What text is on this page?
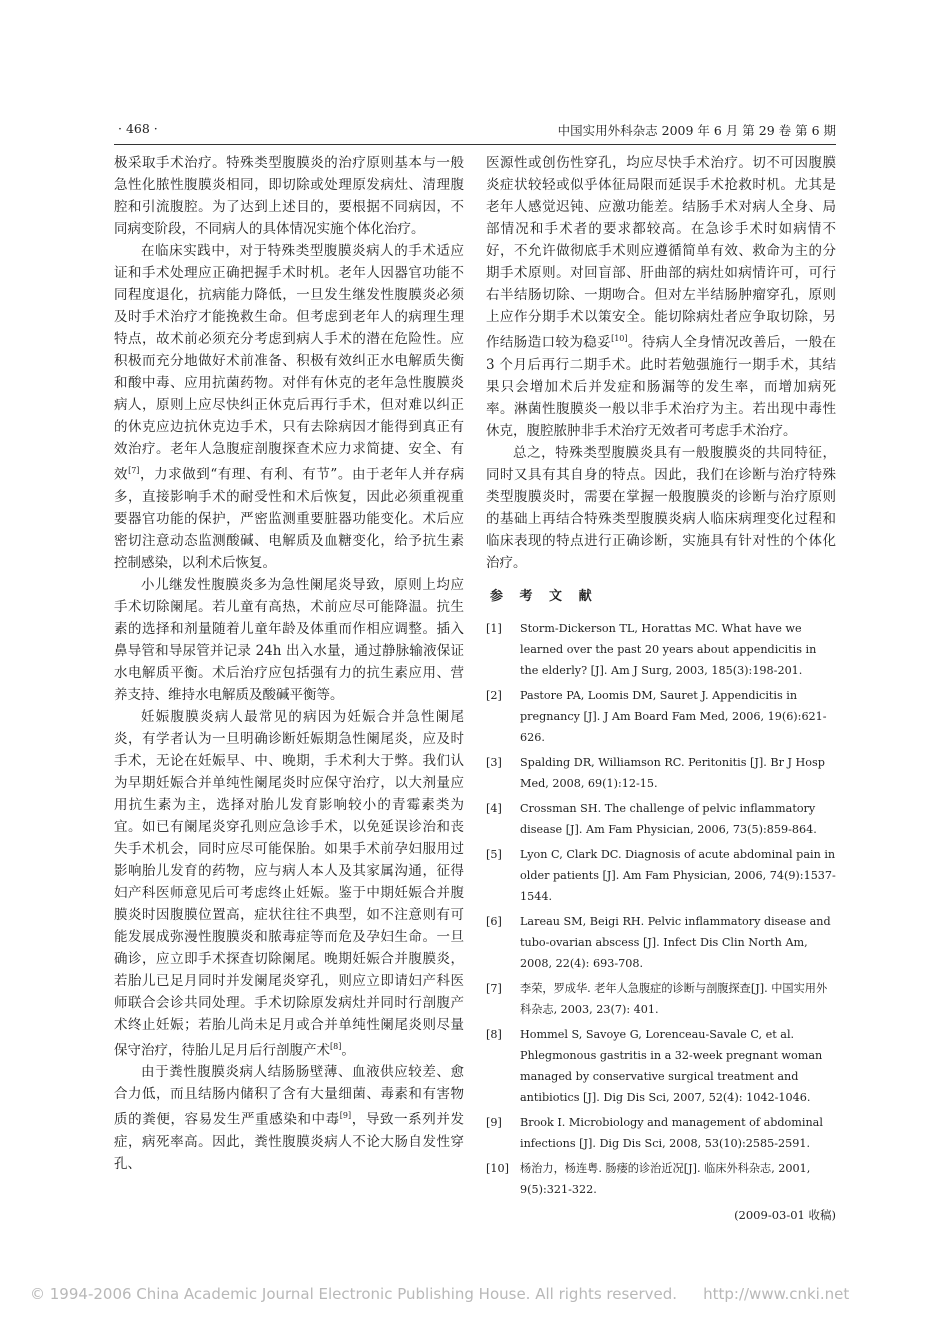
· 468 ·	中国实用外科杂志 2009 年 6 月 第 29 卷 第 6 期

极采取手术治疗。特殊类型腹膜炎的治疗原则基本与一般急性化脓性腹膜炎相同，即切除或处理原发病灶、清理腹腔和引流腹腔。为了达到上述目的，要根据不同病因，不同病变阶段，不同病人的具体情况实施个体化治疗。

在临床实践中，对于特殊类型腹膜炎病人的手术适应证和手术处理应正确把握手术时机。老年人因器官功能不同程度退化，抗病能力降低，一旦发生继发性腹膜炎必须及时手术治疗才能挽救生命。但考虑到老年人的病理生理特点，故术前必须充分考虑到病人手术的潜在危险性。应积极而充分地做好术前准备、积极有效纠正水电解质失衡和酸中毒、应用抗菌药物。对伴有休克的老年急性腹膜炎病人，原则上应尽快纠正休克后再行手术，但对难以纠正的休克应边抗休克边手术，只有去除病因才能得到真正有效治疗。老年人急腹症剖腹探查术应力求简捷、安全、有效[7]，力求做到“有理、有利、有节”。由于老年人并存病多，直接影响手术的耐受性和术后恢复，因此必须重视重要器官功能的保护，严密监测重要脏器功能变化。术后应密切注意动态监测酸碱、电解质及血糖变化，给予抗生素控制感染，以利术后恢复。

小儿继发性腹膜炎多为急性阑尾炎导致，原则上均应手术切除阑尾。若儿童有高热，术前应尽可能降温。抗生素的选择和剂量随着儿童年龄及体重而作相应调整。插入鼻导管和导尿管并记录 24h 出入水量，通过静脉输液保证水电解质平衡。术后治疗应包括强有力的抗生素应用、营养支持、维持水电解质及酸碱平衡等。

妊娠腹膜炎病人最常见的病因为妊娠合并急性阑尾炎，有学者认为一旦明确诊断妊娠期急性阑尾炎，应及时手术，无论在妊娠早、中、晚期，手术利大于弊。我们认为早期妊娠合并单纯性阑尾炎时应保守治疗，以大剂量应用抗生素为主，选择对胎儿发育影响较小的青霉素类为宜。如已有阑尾炎穿孔则应急诊手术，以免延误诊治和丧失手术机会，同时应尽可能保胎。如果手术前孕妇服用过影响胎儿发育的药物，应与病人本人及其家属沟通，征得妇产科医师意见后可考虑终止妊娠。鉴于中期妊娠合并腹膜炎时因腹膜位置高，症状往往不典型，如不注意则有可能发展成弥漫性腹膜炎和脓毒症等而危及孕妇生命。一旦确诊，应立即手术探查切除阑尾。晚期妊娠合并腹膜炎，若胎儿已足月同时并发阑尾炎穿孔，则应立即请妇产科医师联合会诊共同处理。手术切除原发病灶并同时行剖腹产术终止妊娠；若胎儿尚未足月或合并单纯性阑尾炎则尽量保守治疗，待胎儿足月后行剖腹产术[8]。

由于粪性腹膜炎病人结肠肠壁薄、血液供应较差、愈合力低，而且结肠内储积了含有大量细菌、毒素和有害物质的粪便，容易发生严重感染和中毒[9]，导致一系列并发症，病死率高。因此，粪性腹膜炎病人不论大肠自发性穿孔、

医源性或创伤性穿孔，均应尽快手术治疗。切不可因腹膜炎症状较轻或似乎体征局限而延误手术抢救时机。尤其是老年人感觉迟钝、应激功能差。结肠手术对病人全身、局部情况和手术者的要求都较高。在急诊手术时如病情不好，不允许做彻底手术则应遵循简单有效、救命为主的分期手术原则。对回盲部、肝曲部的病灶如病情许可，可行右半结肠切除、一期吻合。但对左半结肠肿瘤穿孔，原则上应作分期手术以策安全。能切除病灶者应争取切除，另作结肠造口较为稳妥[10]。待病人全身情况改善后，一般在 3 个月后再行二期手术。此时若勉强施行一期手术，其结果只会增加术后并发症和肠漏等的发生率，而增加病死率。淋菌性腹膜炎一般以非手术治疗为主。若出现中毒性休克，腹腔脓肿非手术治疗无效者可考虑手术治疗。

总之，特殊类型腹膜炎具有一般腹膜炎的共同特征，同时又具有其自身的特点。因此，我们在诊断与治疗特殊类型腹膜炎时，需要在掌握一般腹膜炎的诊断与治疗原则的基础上再结合特殊类型腹膜炎病人临床病理变化过程和临床表现的特点进行正确诊断，实施具有针对性的个体化治疗。

参 考 文 献
[1]	Storm-Dickerson TL, Horattas MC. What have we learned over the past 20 years about appendicitis in the elderly? [J]. Am J Surg, 2003, 185(3):198-201.
[2]	Pastore PA, Loomis DM, Sauret J. Appendicitis in pregnancy [J]. J Am Board Fam Med, 2006, 19(6):621-626.
[3]	Spalding DR, Williamson RC. Peritonitis [J]. Br J Hosp Med, 2008, 69(1):12-15.
[4]	Crossman SH. The challenge of pelvic inflammatory disease [J]. Am Fam Physician, 2006, 73(5):859-864.
[5]	Lyon C, Clark DC. Diagnosis of acute abdominal pain in older patients [J]. Am Fam Physician, 2006, 74(9):1537-1544.
[6]	Lareau SM, Beigi RH. Pelvic inflammatory disease and tubo-ovarian abscess [J]. Infect Dis Clin North Am, 2008, 22(4): 693-708.
[7]	李荣，罗成华. 老年人急腹症的诊断与剖腹探查[J]. 中国实用外科杂志, 2003, 23(7): 401.
[8]	Hommel S, Savoye G, Lorenceau-Savale C, et al. Phlegmonous gastritis in a 32-week pregnant woman managed by conservative surgical treatment and antibiotics [J]. Dig Dis Sci, 2007, 52(4): 1042-1046.
[9]	Brook I. Microbiology and management of abdominal infections [J]. Dig Dis Sci, 2008, 53(10):2585-2591.
[10] 杨治力，杨连粤. 肠瘘的诊治近况[J]. 临床外科杂志, 2001, 9(5):321-322.
(2009-03-01 收稿)
© 1994-2006 China Academic Journal Electronic Publishing House. All rights reserved. http://www.cnki.net
